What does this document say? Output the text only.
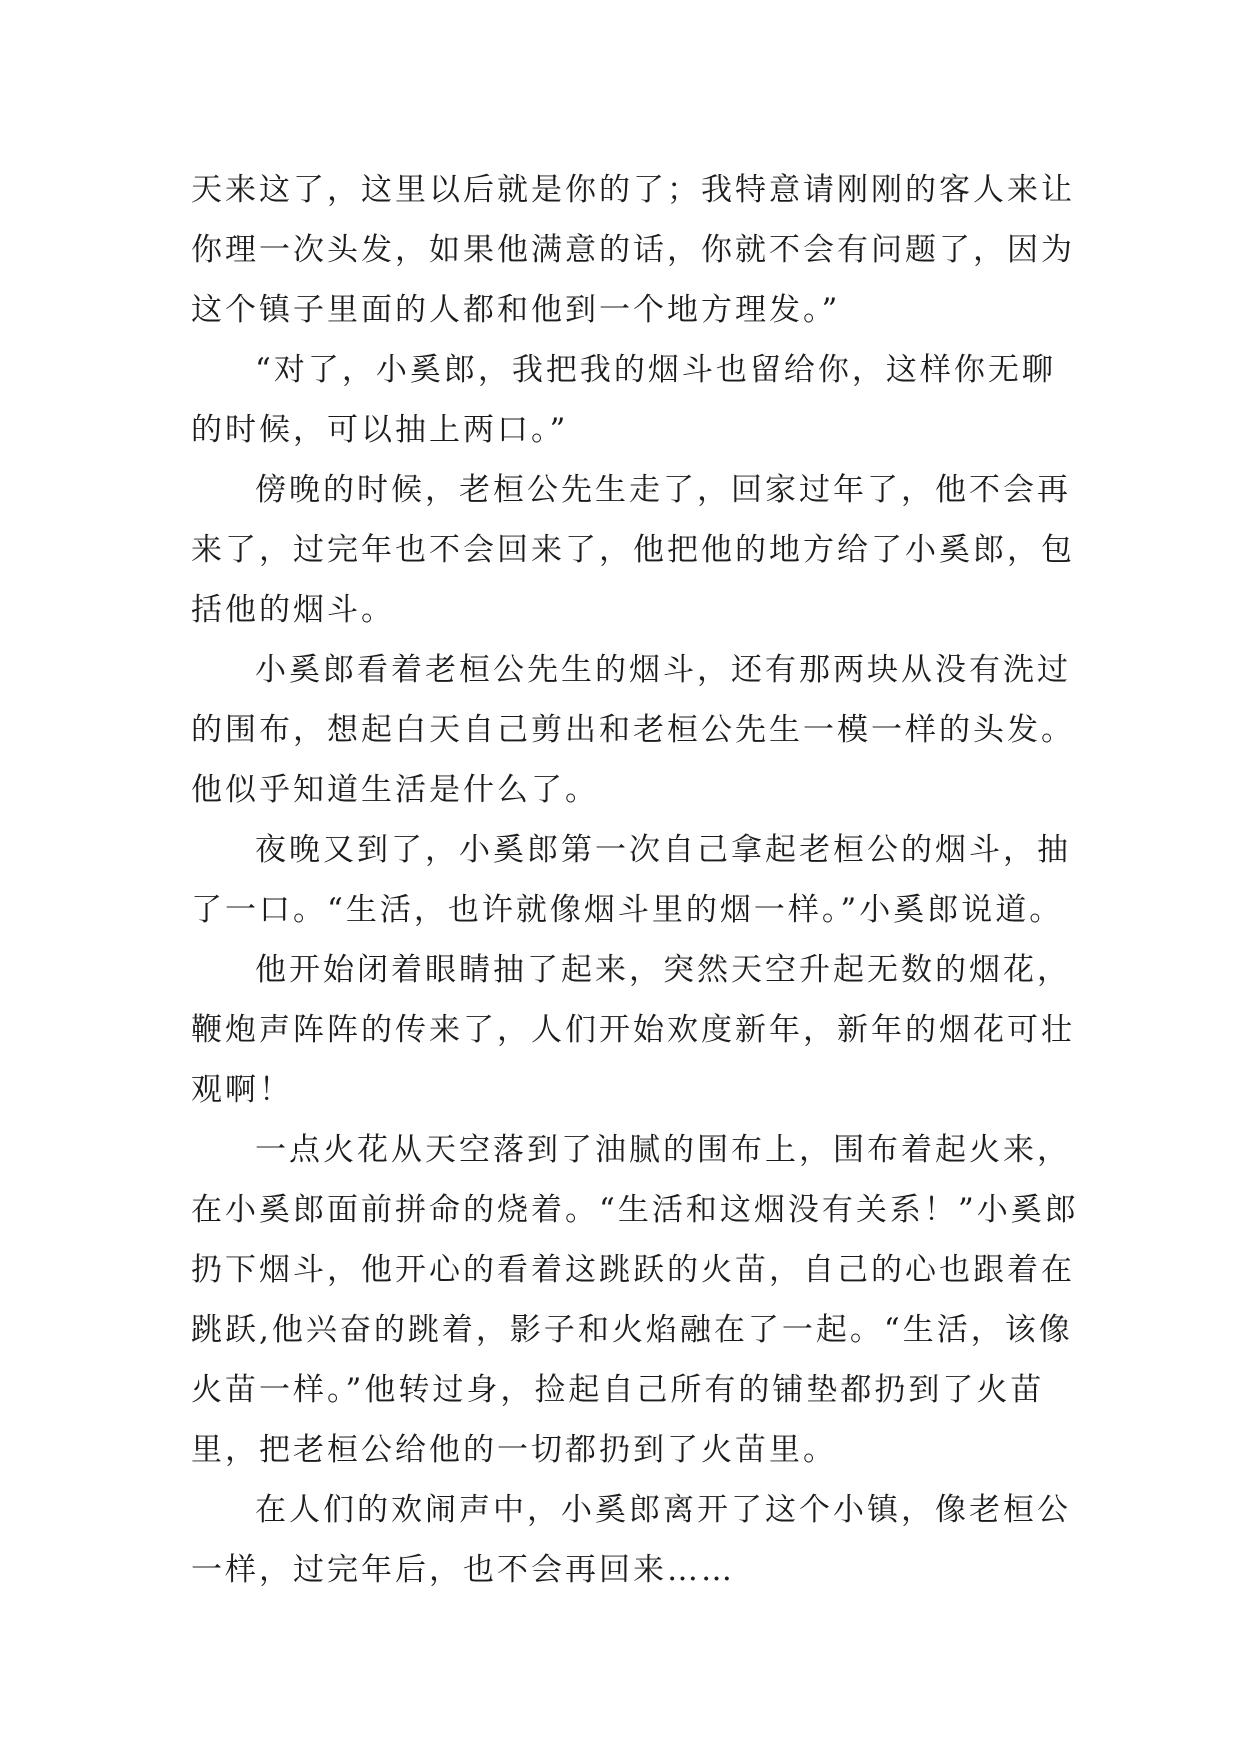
天来这了，这里以后就是你的了；我特意请刚刚的客人来让
你理一次头发，如果他满意的话，你就不会有问题了，因为
这个镇子里面的人都和他到一个地方理发。”
“对了，小奚郎，我把我的烟斗也留给你，这样你无聊
的时候，可以抽上两口。”
傍晚的时候，老桓公先生走了，回家过年了，他不会再
来了，过完年也不会回来了，他把他的地方给了小奚郎，包
括他的烟斗。
小奚郎看着老桓公先生的烟斗，还有那两块从没有洗过
的围布，想起白天自己剪出和老桓公先生一模一样的头发。
他似乎知道生活是什么了。
夜晚又到了，小奚郎第一次自己拿起老桓公的烟斗，抽
了一口。“生活，也许就像烟斗里的烟一样。”小奚郎说道。
他开始闭着眼睛抽了起来，突然天空升起无数的烟花，
鞭炮声阵阵的传来了，人们开始欢度新年，新年的烟花可壮
观啊！
一点火花从天空落到了油腻的围布上，围布着起火来，
在小奚郎面前拼命的烧着。“生活和这烟没有关系！”小奚郎
扔下烟斗，他开心的看着这跳跃的火苗，自己的心也跟着在
跳跃,他兴奋的跳着，影子和火焰融在了一起。“生活，该像
火苗一样。”他转过身，捡起自己所有的铺垫都扔到了火苗
里，把老桓公给他的一切都扔到了火苗里。
在人们的欢闹声中，小奚郎离开了这个小镇，像老桓公
一样，过完年后，也不会再回来……
